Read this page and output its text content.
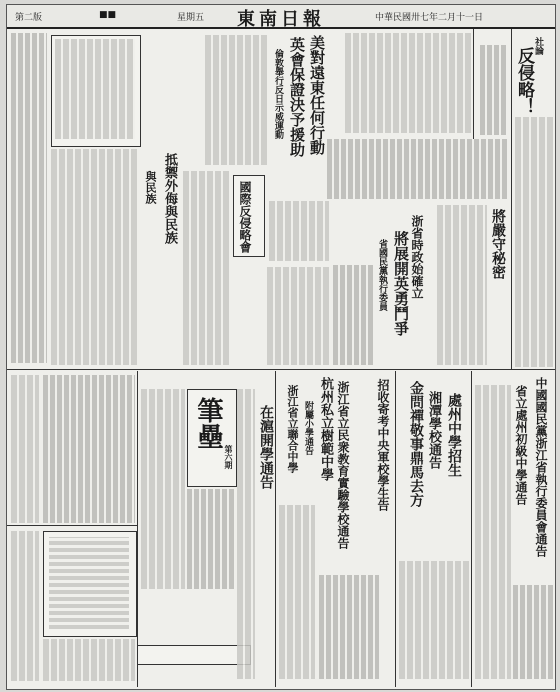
第二版	■■	星期五 東南日報	中華民國卅七年二月十一日
社論
反侵略！
美對遠東任何行動
英會保證決予援助
倫敦舉行反日示威運動
抵禦外侮與民族
與民族	國際反侵略會	將嚴守秘密
浙省時政始確立
將展開英勇鬥爭
省國民黨執行委員
筆壘
第六期 在滬開學通告 浙江省立聯合中學 附屬小學通告 杭州私立樹範中學 浙江省立民衆教育實驗學校通告 招收寄考中央軍校學生告 金問禪敬事鼎馬去方 湘潭學校通告 處州中學招生	中國國民黨浙江省執行委員會通告
省立處州初級中學通告
